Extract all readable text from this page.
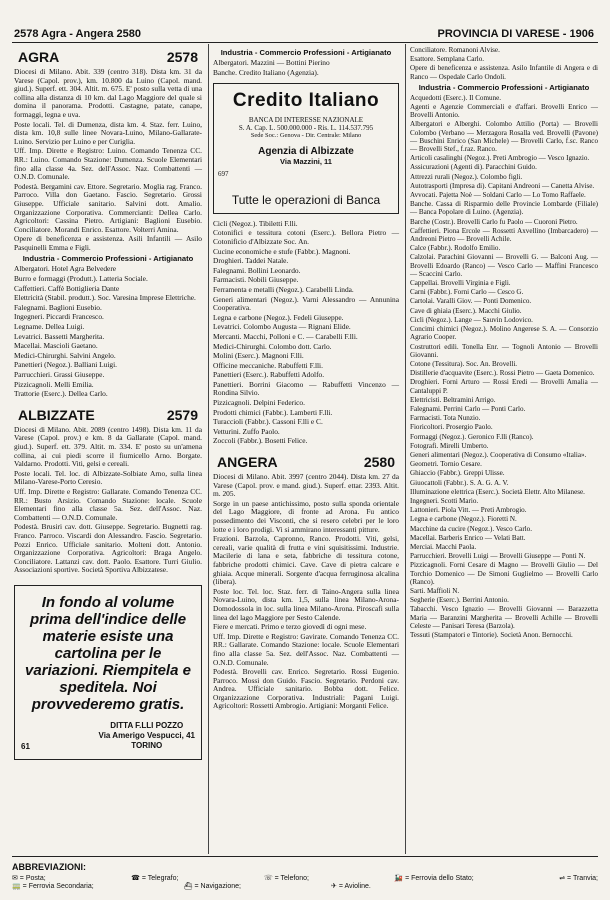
2578 Agra - Angera 2580	PROVINCIA DI VARESE - 1906
AGRA	2578

Diocesi di Milano. Abit. 339 (centro 318). Dista km. 31 da Varese (Capol. prov.), km. 10.800 da Luino (Capol. mand. giud.). Superf. ett. 304. Altit. m. 675. E' posto sulla vetta di una collina alla distanza di 10 km. dal Lago Maggiore del quale si domina il panorama. Prodotti. Castagne, patate, canape, formaggi, legna e uva.

Poste locali. Tel. di Dumenza, dista km. 4. Staz. ferr. Luino, dista km. 10,8 sulle linee Novara-Luino, Milano-Gallarate-Luino. Servizio per Luino e per Curiglia.

Uff. Imp. Dirette e Registro: Luino. Comando Tenenza CC. RR.: Luino. Comando Stazione: Dumenza. Scuole Elementari fino alla classe 4a. Sez. dell'Assoc. Naz. Combattenti — O.N.D. Comunale.

Podestà. Bergamini cav. Ettore. Segretario. Moglia rag. Franco. Parroco. Villa don Gaetano. Fascio. Segretario. Grossi Giuseppe. Ufficiale sanitario. Salvini dott. Amalio. Organizzazione Corporativa. Commercianti: Dellea Carlo. Agricoltori: Cassina Pietro. Artigiani: Baglioni Eusebio. Conciliatore. Morandi Enrico. Esattore. Volterri Amina.

Opere di beneficenza e assistenza. Asili Infantili — Asilo Pasquinelli Emma e Figli.

Industria - Commercio Professioni - Artigianato

Albergatori. Hotel Agra Belvedere

Burro e formaggi (Produtt.). Latteria Sociale.

Caffettieri. Caffè Bottiglieria Dante

Elettricità (Stabil. produtt.). Soc. Varesina Imprese Elettriche.

Falegnami. Baglioni Eusebio.

Ingegneri. Piccardi Francesco.

Legname. Dellea Luigi.

Levatrici. Bassetti Margherita.

Macellai. Mascioli Gaetano.

Medici-Chirurghi. Salvini Angelo.

Panettieri (Negoz.). Balliani Luigi.

Parrucchieri. Grassi Giuseppe.

Pizzicagnoli. Melli Emilia.

Trattorie (Eserc.). Dellea Carlo.

ALBIZZATE	2579

Diocesi di Milano. Abit. 2089 (centro 1498). Dista km. 11 da Varese (Capol. prov.) e km. 8 da Gallarate (Capol. mand. giud.). Superf. ett. 379. Altit. m. 334. E' posto su un'amena collina, ai cui piedi scorre il fiumicello Arno. Borgate. Valdarno. Prodotti. Viti, gelsi e cereali.

Poste locali. Tel. loc. di Albizzate-Solbiate Arno, sulla linea Milano-Varese-Porto Ceresio.

Uff. Imp. Dirette e Registro: Gallarate. Comando Tenenza CC. RR.: Busto Arsizio. Comando Stazione: locale. Scuole Elementari fino alla classe 5a. Sez. dell'Assoc. Naz. Combattenti — O.N.D. Comunale.

Podestà. Brusiri cav. dott. Giuseppe. Segretario. Bugnetti rag. Franco. Parroco. Viscardi don Alessandro. Fascio. Segretario. Pozzi Enrico. Ufficiale sanitario. Molteni dott. Antonio. Organizzazione Corporativa. Agricoltori: Braga Angelo. Conciliatore. Lattanzi cav. dott. Paolo. Esattore. Turri Giulio. Associazioni sportive. Società Sportiva Albizzatese.

In fondo al volume prima dell'indice delle materie esiste una cartolina per le variazioni. Riempitela e speditela. Noi provvederemo gratis.
61
DITTA F.LLI POZZO
Via Amerigo Vespucci, 41
TORINO
Industria - Commercio Professioni - Artigianato

Albergatori. Mazzini — Bottini Pierino

Banche. Credito Italiano (Agenzia).

Credito Italiano
BANCA DI INTERESSE NAZIONALE
S. A. Cap. L. 500.000.000 - Ris. L. 114.537.795
Sede Soc.: Genova - Dir. Centrale: Milano
Agenzia di Albizzate
Via Mazzini, 11
697
Tutte le operazioni di Banca

Cicli (Negoz.). Tibiletti F.lli.

Cotonifici e tessitura cotoni (Eserc.). Bellora Pietro — Cotonificio d'Albizzate Soc. An.

Cucine economiche e stufe (Fabbr.). Magnoni.

Droghieri. Taddei Natale.

Falegnami. Bollini Leonardo.

Farmacisti. Nobili Giuseppe.

Ferramenta e metalli (Negoz.). Carabelli Linda.

Generi alimentari (Negoz.). Varni Alessandro — Annunina Cooperativa.

Legna e carbone (Negoz.). Fedeli Giuseppe.

Levatrici. Colombo Augusta — Rignani Elide.

Mercanti. Macchi, Polloni e C. — Carabelli F.lli.

Medici-Chirurghi. Colombo dott. Carlo.

Molini (Eserc.). Magnoni F.lli.

Officine meccaniche. Rabuffetti F.lli.

Panettieri (Eserc.). Rabuffetti Adolfo.

Panettieri. Borrini Giacomo — Rabuffetti Vincenzo — Rondina Silvio.

Pizzicagnoli. Delpini Federico.

Prodotti chimici (Fabbr.). Lamberti F.lli.

Turaccioli (Fabbr.). Cassoni F.lli e C.

Vetturini. Zuffo Paolo.

Zoccoli (Fabbr.). Bosetti Felice.

ANGERA	2580

Diocesi di Milano. Abit. 3997 (centro 2044). Dista km. 27 da Varese (Capol. prov. e mand. giud.). Superf. ettar. 2393. Altit. m. 205.

Sorge in un paese antichissimo, posto sulla sponda orientale del Lago Maggiore, di fronte ad Arona. Fu antico possedimento dei Visconti, che si resero celebri per le loro lotte e i loro prodigi. Vi si ammirano interessanti pitture.

Frazioni. Barzola, Capronno, Ranco. Prodotti. Viti, gelsi, cereali, varie qualità di frutta e vini squisitissimi. Industrie. Macilerie di lana e seta, fabbriche di tessitura cotone, fabbriche prodotti chimici. Cave. Cave di pietra calcare e ghiaia. Acque minerali. Sorgente d'acqua ferruginosa alcalina (libera).

Poste loc. Tel. loc. Staz. ferr. di Taino-Angera sulla linea Novara-Luino, dista km. 1,5, sulla linea Milano-Arona-Domodossola in loc. sulla linea Milano-Arona. Piroscafi sulla linea del lago Maggiore per Sesto Calende.

Fiere e mercati. Primo e terzo giovedì di ogni mese.

Uff. Imp. Dirette e Registro: Gavirate. Comando Tenenza CC. RR.: Gallarate. Comando Stazione: locale. Scuole Elementari fino alla classe 5a. Sez. dell'Assoc. Naz. Combattenti — O.N.D. Comunale.

Podestà. Brovelli cav. Enrico. Segretario. Rossi Eugenio. Parroco. Mossi don Guido. Fascio. Segretario. Perdoni cav. Andrea. Ufficiale sanitario. Bobba dott. Felice. Organizzazione Corporativa. Industriali: Pagani Luigi. Agricoltori: Rossetti Ambrogio. Artigiani: Morganti Felice.

Conciliatore. Romanoni Alvise.

Esattore. Semplana Carlo.

Opere di beneficenza e assistenza. Asilo Infantile di Angera e di Ranco — Ospedale Carlo Ondoli.

Industria - Commercio Professioni - Artigianato

Acquedotti (Eserc.). Il Comune.

Agenti e Agenzie Commerciali e d'affari. Brovelli Enrico — Brovelli Antonio.

Albergatori e Alberghi. Colombo Attilio (Porta) — Brovelli Colombo (Verbano — Merzagora Rosalla ved. Brovelli (Pavone) — Buschini Enrico (San Michele) — Brovelli Carlo, f.sc. Ranco — Brovelli Stef., f.raz. Ranco.

Articoli casalinghi (Negoz.). Preti Ambrogio — Vesco Ignazio.

Assicurazioni (Agenti di). Paracchini Guido.

Attrezzi rurali (Negoz.). Colombo figli.

Autotrasporti (Impresa di). Capitani Andreoni — Canetta Alvise.

Avvocati. Pajetta Noè — Soldani Carlo — Lo Tomo Raffaele.

Banche. Cassa di Risparmio delle Provincie Lombarde (Filiale) — Banca Popolare di Luino. (Agenzia).

Barche (Costr.). Brovelli Carlo fu Paolo — Cuoroni Pietro.

Caffettieri. Piona Ercole — Rossetti Axvellino (Imbarcadero) — Andreoni Pietro — Brovelli Achile.

Calce (Fabbr.). Rodolfo Emilio.

Calzolai. Parachini Giovanni — Brovelli G. — Balconi Aug. — Brovelli Edoardo (Ranco) — Vesco Carlo — Maffini Francesco — Scaccini Carlo.

Cappellai. Brovelli Virginia e Figli.

Carni (Fabbr.). Forni Carlo — Cesco G.

Cartolai. Varalli Giov. — Ponti Domenico.

Cave di ghiaia (Eserc.). Macchi Giulio.

Cicli (Negoz.). Lange — Sauvin Lodovico.

Concimi chimici (Negoz.). Molino Angerese S. A. — Consorzio Agrario Cooper.

Costruttori edili. Tonella Enr. — Tognoli Antonio — Brovelli Giovanni.

Cotone (Tessitura). Soc. An. Brovelli.

Distillerie d'acquavite (Eserc.). Rossi Pietro — Gaeta Domenico.

Droghieri. Forni Arturo — Rossi Eredi — Brovelli Amalia — Cantaluppi P.

Elettricisti. Beltramini Arrigo.

Falegnami. Perrini Carlo — Ponti Carlo.

Farmacisti. Tota Nunzio.

Fioricoltori. Prosergio Paolo.

Formaggi (Negoz.). Geronico F.lli (Ranco).

Fotografi. Mirelli Umberto.

Generi alimentari (Negoz.). Cooperativa di Consumo «Italia».

Geometri. Tornio Cesare.

Ghiaccio (Fabbr.). Greppi Ulisse.

Giuocattoli (Fabbr.). S. A. G. A. V.

Illuminazione elettrica (Eserc.). Società Elettr. Alto Milanese.

Ingegneri. Scotti Mario.

Lattonieri. Piola Vitt. — Preti Ambrogio.

Legna e carbone (Negoz.). Fioretti N.

Macchine da cucire (Negoz.). Vesco Carlo.

Macellai. Barberis Enrico — Velati Batt.

Merciai. Macchi Paola.

Parrucchieri. Brovelli Luigi — Brovelli Giuseppe — Ponti N.

Pizzicagnoli. Forni Cesare di Magno — Brovelli Giulio — Del Torchio Domenico — De Simoni Guglielmo — Brovelli Carlo (Ranco).

Sarti. Maffioli N.

Segherie (Eserc.). Berrini Antonio.

Tabacchi. Vesco Ignazio — Brovelli Giovanni — Barazzetta Maria — Baranzini Margherita — Brovelli Achille — Brovelli Celeste — Panisari Teresa (Barzola).

Tessuti (Stampatori e Tintorie). Società Anon. Bernocchi.

ABBREVIAZIONI:
✉ = Posta;	☎ = Telegrafo;	☏ = Telefono;	🚂 = Ferrovia dello Stato;	⇌ = Tranvia;
🚃 = Ferrovia Secondaria;	⛴ = Navigazione;	✈ = Avioline.
